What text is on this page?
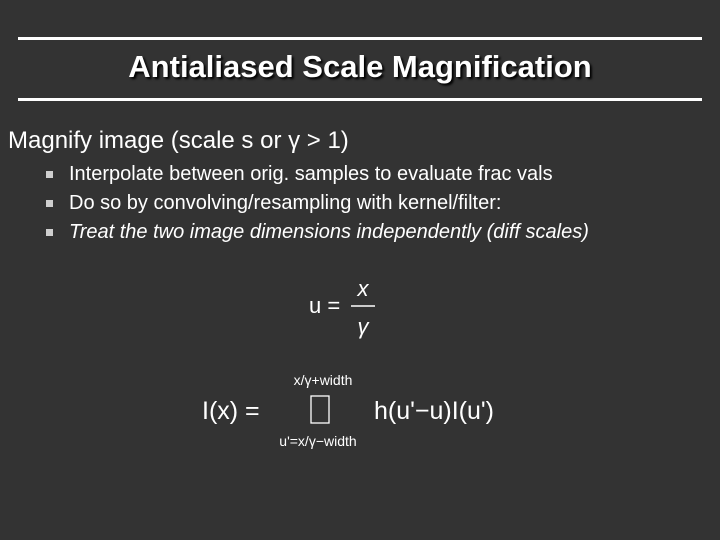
Antialiased Scale Magnification
Magnify image (scale s or γ > 1)
Interpolate between orig. samples to evaluate frac vals
Do so by convolving/resampling with kernel/filter:
Treat the two image dimensions independently (diff scales)
u =
x
γ
I(x) =
x/γ+width
u'=x/γ−width
h(u'−u)I(u')
